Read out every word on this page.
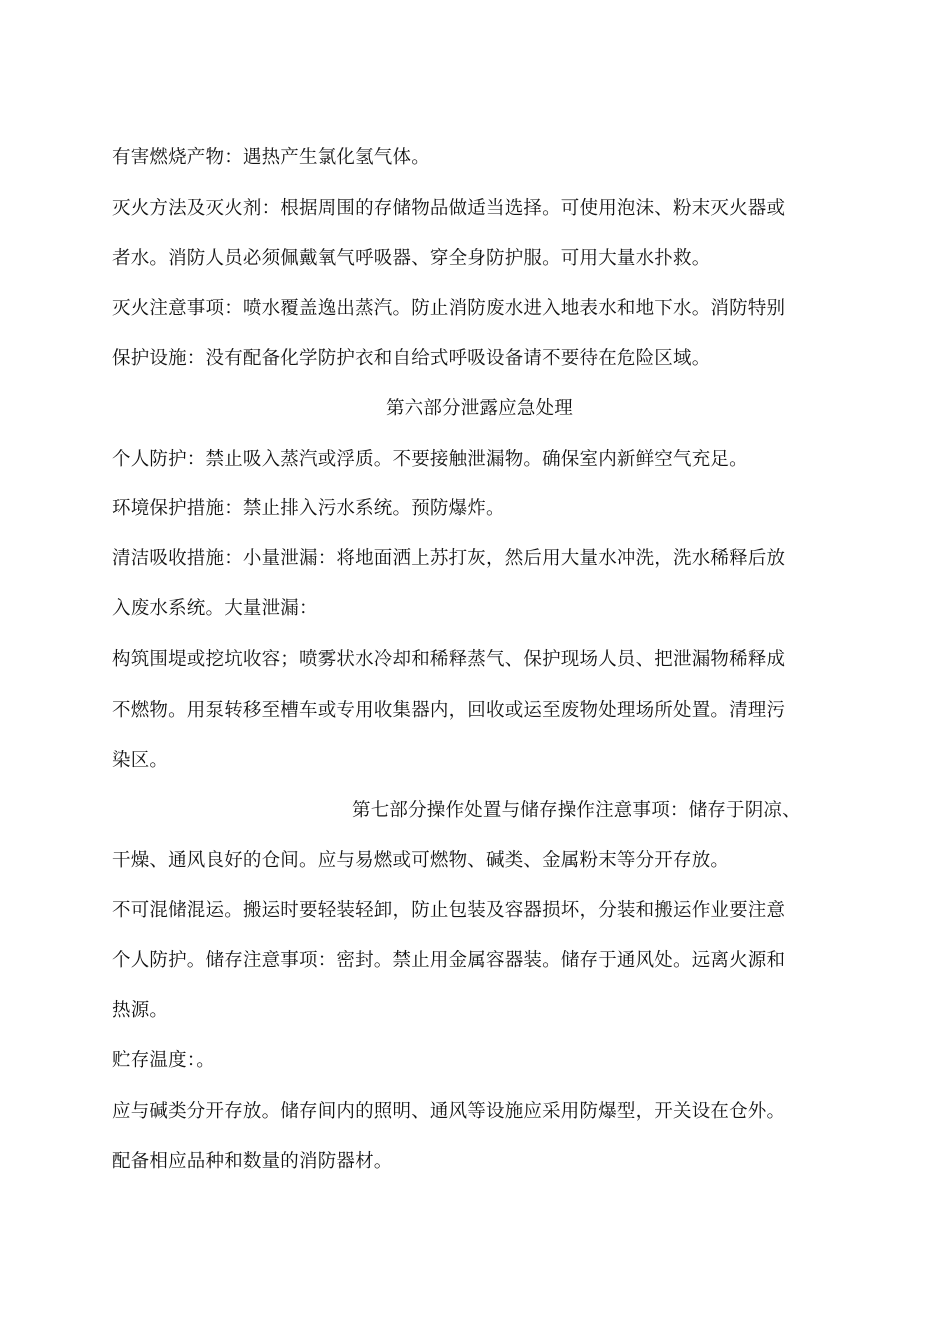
有害燃烧产物：遇热产生氯化氢气体。
灭火方法及灭火剂：根据周围的存储物品做适当选择。可使用泡沫、粉末灭火器或
者水。消防人员必须佩戴氧气呼吸器、穿全身防护服。可用大量水扑救。
灭火注意事项：喷水覆盖逸出蒸汽。防止消防废水进入地表水和地下水。消防特别
保护设施：没有配备化学防护衣和自给式呼吸设备请不要待在危险区域。
第六部分泄露应急处理
个人防护：禁止吸入蒸汽或浮质。不要接触泄漏物。确保室内新鲜空气充足。
环境保护措施：禁止排入污水系统。预防爆炸。
清洁吸收措施：小量泄漏：将地面洒上苏打灰，然后用大量水冲洗，洗水稀释后放
入废水系统。大量泄漏：
构筑围堤或挖坑收容；喷雾状水冷却和稀释蒸气、保护现场人员、把泄漏物稀释成
不燃物。用泵转移至槽车或专用收集器内，回收或运至废物处理场所处置。清理污
染区。
第七部分操作处置与储存操作注意事项：储存于阴凉、
干燥、通风良好的仓间。应与易燃或可燃物、碱类、金属粉末等分开存放。
不可混储混运。搬运时要轻装轻卸，防止包装及容器损坏，分装和搬运作业要注意
个人防护。储存注意事项：密封。禁止用金属容器装。储存于通风处。远离火源和
热源。
贮存温度：。
应与碱类分开存放。储存间内的照明、通风等设施应采用防爆型，开关设在仓外。
配备相应品种和数量的消防器材。
